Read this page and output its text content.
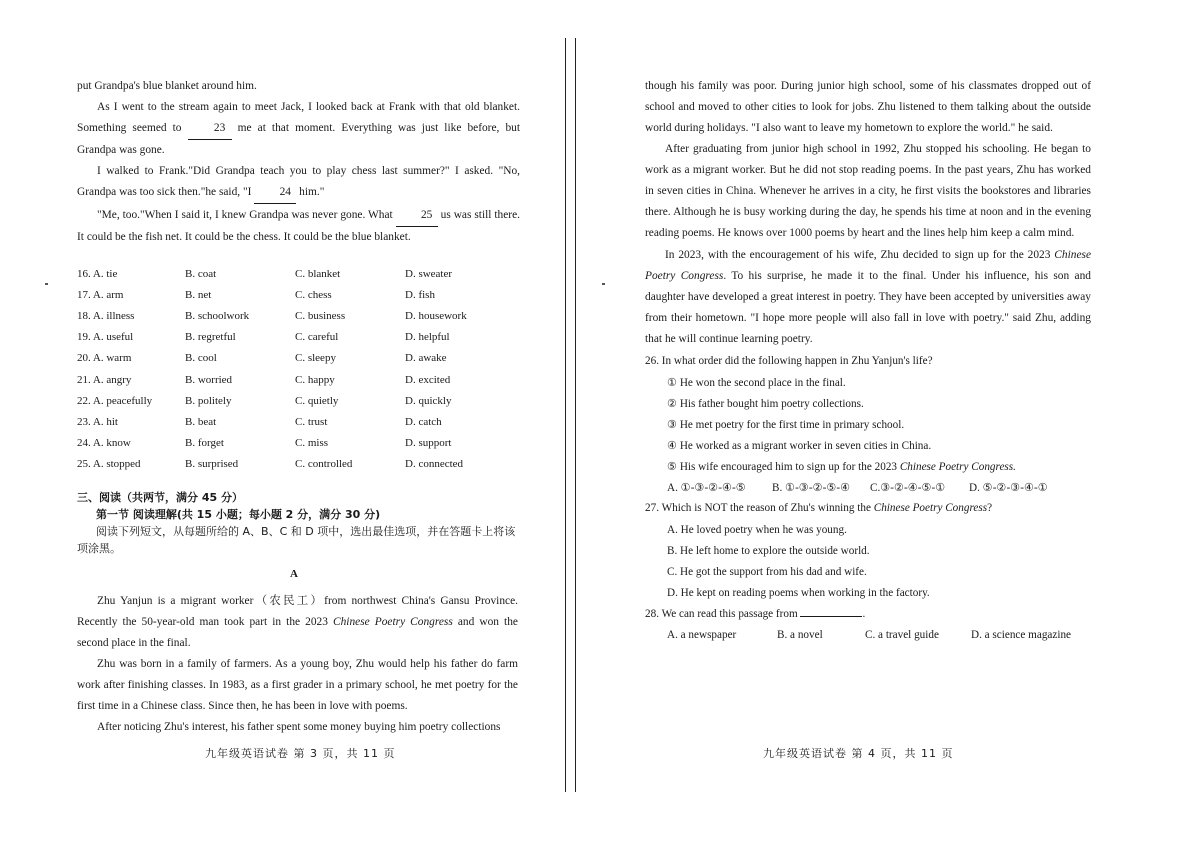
put Grandpa's blue blanket around him.
As I went to the stream again to meet Jack, I looked back at Frank with that old blanket. Something seemed to	23 me at that moment. Everything was just like before, but Grandpa was gone.
I walked to Frank."Did Grandpa teach you to play chess last summer?" I asked. "No, Grandpa was too sick then."he said, "I 24 him."
"Me, too."When I said it, I knew Grandpa was never gone. What 25 us was still there. It could be the fish net. It could be the chess. It could be the blue blanket.
16. A. tie	B. coat	C. blanket	D. sweater
17. A. arm	B. net	C. chess	D. fish
18. A. illness	B. schoolwork	C. business	D. housework
19. A. useful	B. regretful	C. careful	D. helpful
20. A. warm	B. cool	C. sleepy	D. awake
21. A. angry	B. worried	C. happy	D. excited
22. A. peacefully	B. politely	C. quietly	D. quickly
23. A. hit	B. beat	C. trust	D. catch
24. A. know	B. forget	C. miss	D. support
25. A. stopped	B. surprised	C. controlled	D. connected
三、阅读（共两节，满分 45 分）
第一节 阅读理解(共 15 小题；每小题 2 分，满分 30 分)
阅读下列短文，从每题所给的 A、B、C 和 D 项中，选出最佳选项，并在答题卡上将该
项涂黑。
A
Zhu Yanjun is a migrant worker（农民工）from northwest China's Gansu Province. Recently the 50-year-old man took part in the 2023 Chinese Poetry Congress and won the second place in the final.
Zhu was born in a family of farmers. As a young boy, Zhu would help his father do farm work after finishing classes. In 1983, as a first grader in a primary school, he met poetry for the first time in a Chinese class. Since then, he has been in love with poems.
After noticing Zhu's interest, his father spent some money buying him poetry collections
九年级英语试卷 第 3 页，共 11 页
though his family was poor. During junior high school, some of his classmates dropped out of school and moved to other cities to look for jobs. Zhu listened to them talking about the outside world during holidays. "I also want to leave my hometown to explore the world." he said.
After graduating from junior high school in 1992, Zhu stopped his schooling. He began to work as a migrant worker. But he did not stop reading poems. In the past years, Zhu has worked in seven cities in China. Whenever he arrives in a city, he first visits the bookstores and libraries there. Although he is busy working during the day, he spends his time at noon and in the evening reading poems. He knows over 1000 poems by heart and the lines help him keep a calm mind.
In 2023, with the encouragement of his wife, Zhu decided to sign up for the 2023 Chinese Poetry Congress. To his surprise, he made it to the final. Under his influence, his son and daughter have developed a great interest in poetry. They have been accepted by universities away from their hometown. "I hope more people will also fall in love with poetry." said Zhu, adding that he will continue learning poetry.
26. In what order did the following happen in Zhu Yanjun's life?
① He won the second place in the final.
② His father bought him poetry collections.
③ He met poetry for the first time in primary school.
④ He worked as a migrant worker in seven cities in China.
⑤ His wife encouraged him to sign up for the 2023 Chinese Poetry Congress.
A. ①-③-②-④-⑤ B. ①-③-②-⑤-④ C.③-②-④-⑤-① D. ⑤-②-③-④-①
27. Which is NOT the reason of Zhu's winning the Chinese Poetry Congress?
A. He loved poetry when he was young.
B. He left home to explore the outside world.
C. He got the support from his dad and wife.
D. He kept on reading poems when working in the factory.
28. We can read this passage from	.
A. a newspaper	B. a novel	C. a travel guide	D. a science magazine
九年级英语试卷 第 4 页，共 11 页
